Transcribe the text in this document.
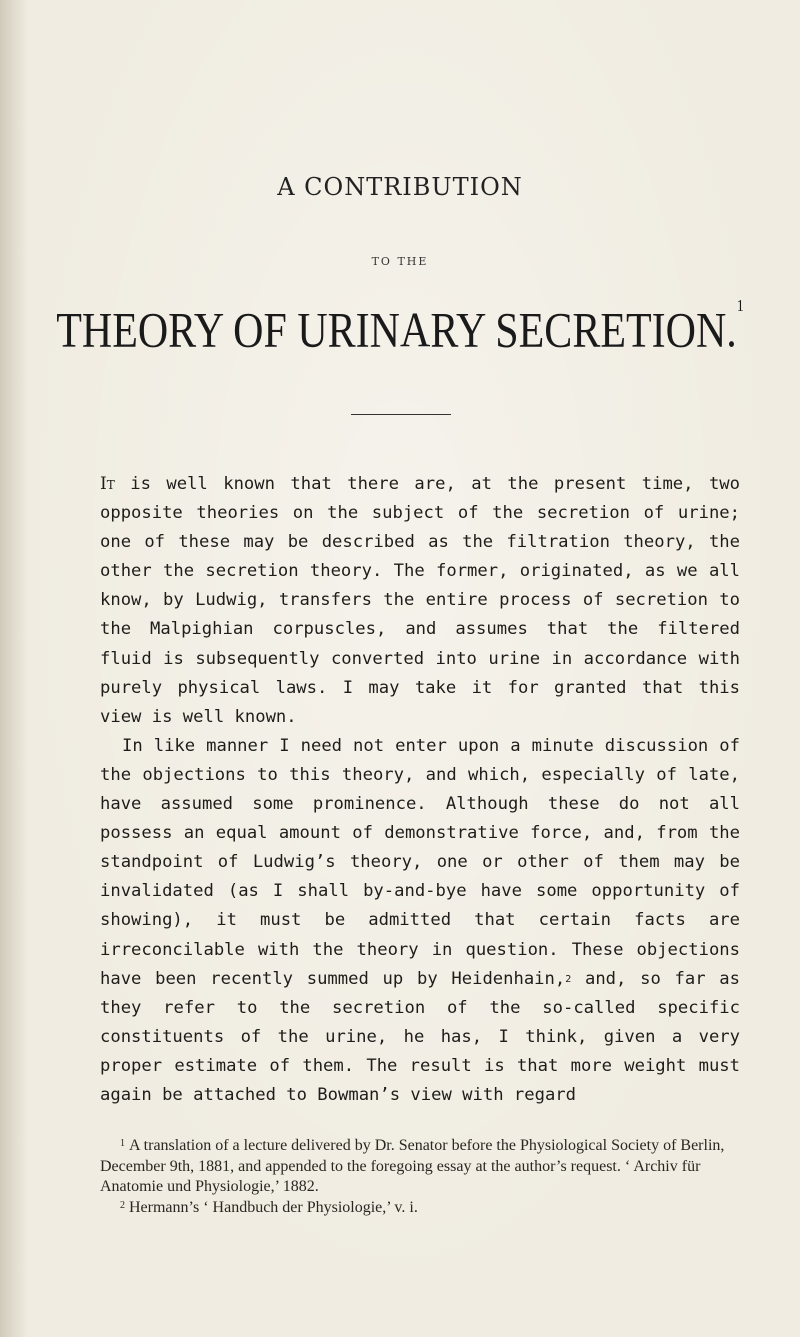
A CONTRIBUTION
TO THE
THEORY OF URINARY SECRETION.$^1$

It is well known that there are, at the present time, two opposite theories on the subject of the secretion of urine; one of these may be described as the filtration theory, the other the secretion theory. The former, originated, as we all know, by Ludwig, transfers the entire process of secretion to the Malpighian corpuscles, and assumes that the filtered fluid is subsequently converted into urine in accordance with purely physical laws. I may take it for granted that this view is well known.

In like manner I need not enter upon a minute discussion of the objections to this theory, and which, especially of late, have assumed some prominence. Although these do not all possess an equal amount of demonstrative force, and, from the standpoint of Ludwig’s theory, one or other of them may be invalidated (as I shall by-and-bye have some opportunity of showing), it must be admitted that certain facts are irreconcilable with the theory in question. These objections have been recently summed up by Heidenhain,$^2$ and, so far as they refer to the secretion of the so-called specific constituents of the urine, he has, I think, given a very proper estimate of them. The result is that more weight must again be attached to Bowman’s view with regard

$^1$ A translation of a lecture delivered by Dr. Senator before the Physiological Society of Berlin, December 9th, 1881, and appended to the foregoing essay at the author’s request. ‘ Archiv für Anatomie und Physiologie,’ 1882.

$^2$ Hermann’s ‘ Handbuch der Physiologie,’ v. i.
